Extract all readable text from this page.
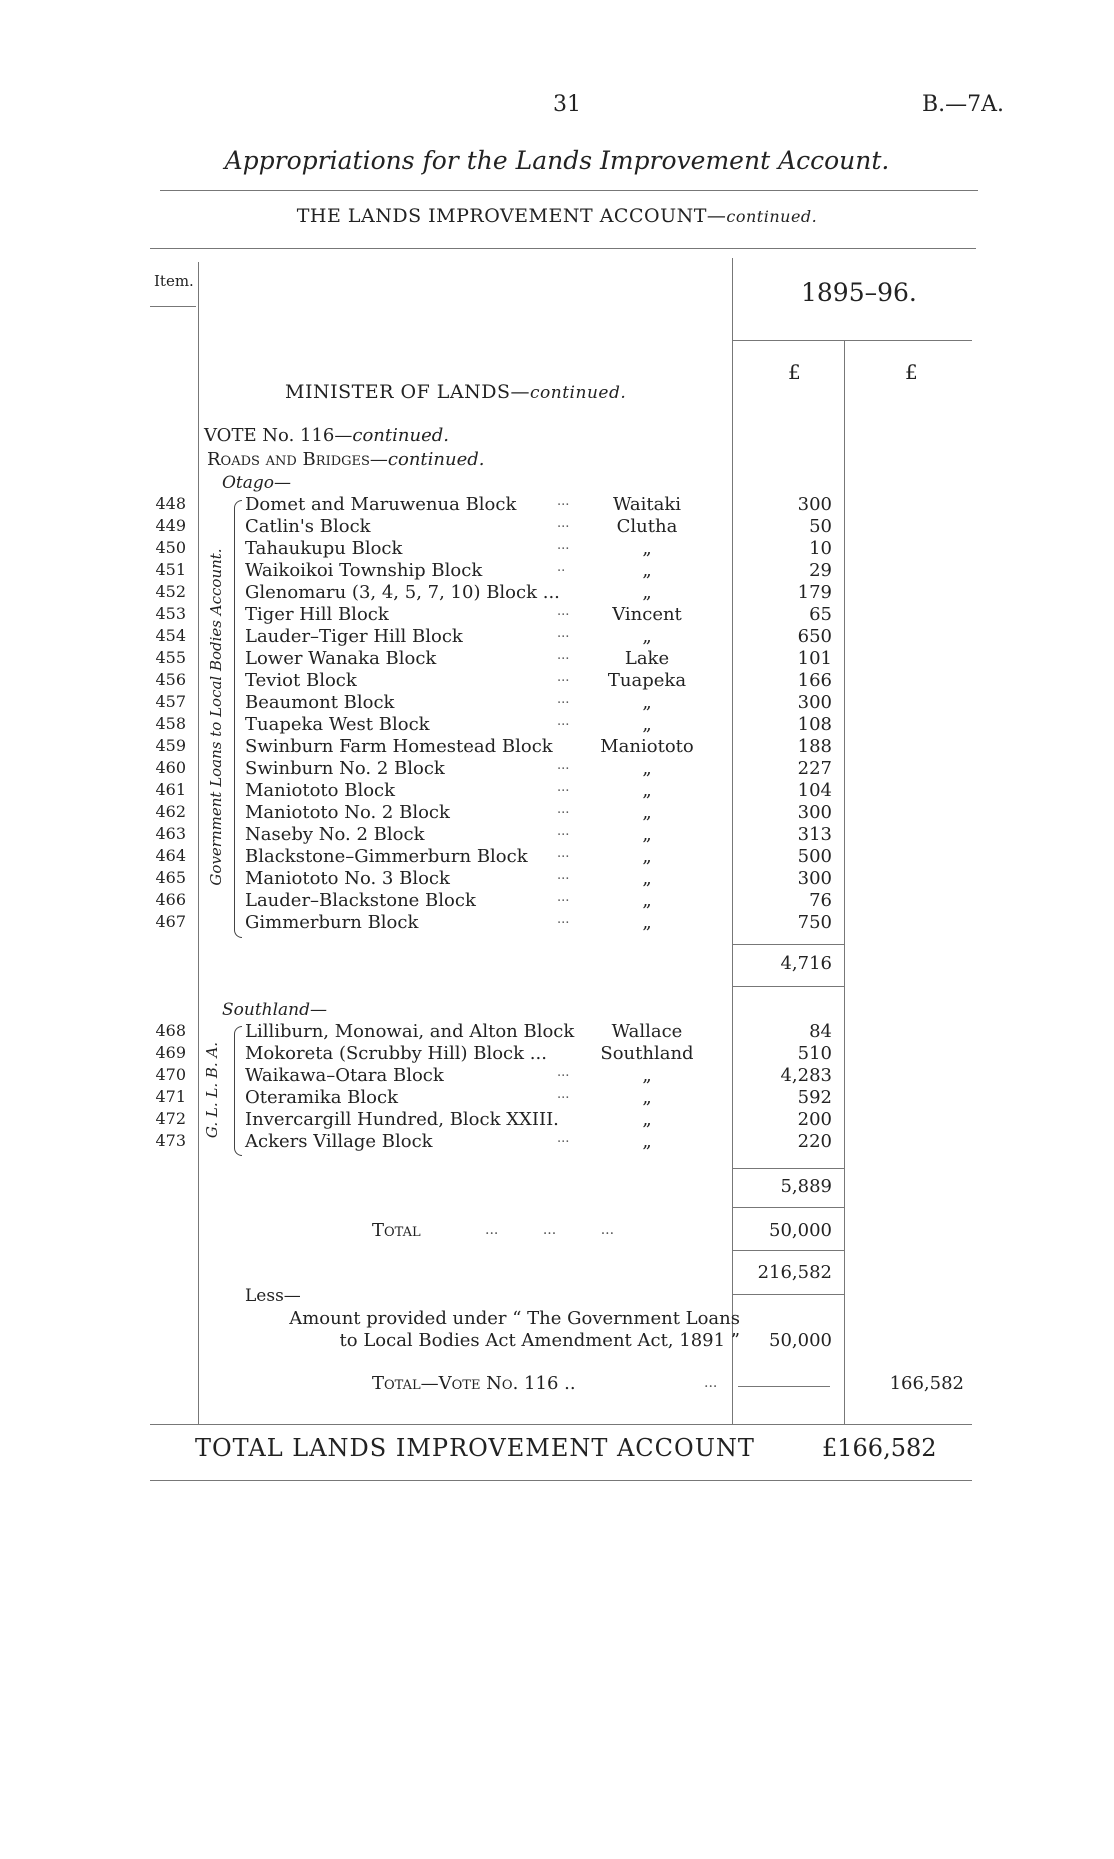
31	B.—7A.
Appropriations for the Lands Improvement Account.
THE LANDS IMPROVEMENT ACCOUNT—continued.
Item.	1895–96.
£	£
MINISTER OF LANDS—continued.
VOTE No. 116—continued.
Roads and Bridges—continued.
Otago—
Government Loans to Local Bodies Account.
448	Domet and Maruwenua Block	...	Waitaki	300
449	Catlin's Block	...	Clutha	50
450	Tahaukupu Block	...	„	10
451	Waikoikoi Township Block	..	„	29
452	Glenomaru (3, 4, 5, 7, 10) Block ...	„	179
453	Tiger Hill Block	...	Vincent	65
454	Lauder–Tiger Hill Block	...	„	650
455	Lower Wanaka Block	...	Lake	101
456	Teviot Block	...	Tuapeka	166
457	Beaumont Block	...	„	300
458	Tuapeka West Block	...	„	108
459	Swinburn Farm Homestead Block	Maniototo	188
460	Swinburn No. 2 Block	...	„	227
461	Maniototo Block	...	„	104
462	Maniototo No. 2 Block	...	„	300
463	Naseby No. 2 Block	...	„	313
464	Blackstone–Gimmerburn Block ...	„	500
465	Maniototo No. 3 Block	...	„	300
466	Lauder–Blackstone Block	...	„	76
467	Gimmerburn Block	...	„	750
4,716
Southland—
G. L. L. B. A.
468	Lilliburn, Monowai, and Alton Block	Wallace	84
469	Mokoreta (Scrubby Hill) Block ...	Southland	510
470	Waikawa–Otara Block	...	„	4,283
471	Oteramika Block	...	„	592
472	Invercargill Hundred, Block XXIII.	„	200
473	Ackers Village Block	...	„	220
5,889
Total	...          ...          ...	50,000
216,582
Less—
Amount provided under “ The Government Loans
to Local Bodies Act Amendment Act, 1891 ”	50,000
Total—Vote No. 116 ..	...	166,582
TOTAL LANDS IMPROVEMENT ACCOUNT	£166,582
